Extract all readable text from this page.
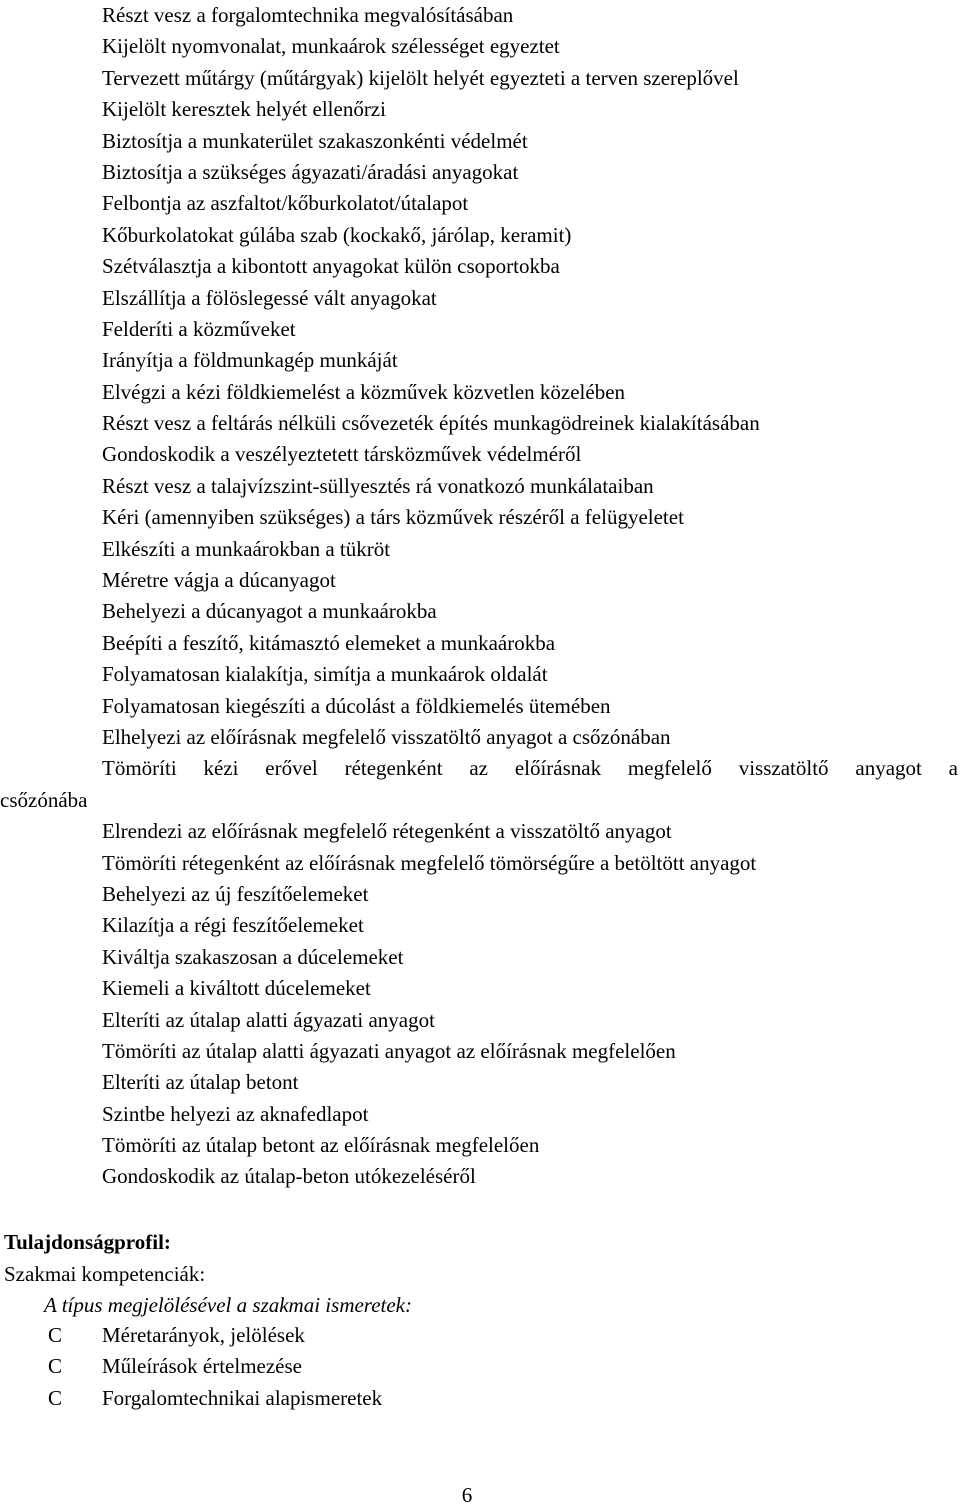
Részt vesz a forgalomtechnika megvalósításában
Kijelölt nyomvonalat, munkaárok szélességet egyeztet
Tervezett műtárgy (műtárgyak) kijelölt helyét egyezteti a terven szereplővel
Kijelölt keresztek helyét ellenőrzi
Biztosítja a munkaterület szakaszonkénti védelmét
Biztosítja a szükséges ágyazati/áradási anyagokat
Felbontja az aszfaltot/kőburkolatot/útalapot
Kőburkolatokat gúlába szab (kockakő, járólap, keramit)
Szétválasztja a kibontott anyagokat külön csoportokba
Elszállítja a fölöslegessé vált anyagokat
Felderíti a közműveket
Irányítja a földmunkagép munkáját
Elvégzi a kézi földkiemelést a közművek közvetlen közelében
Részt vesz a feltárás nélküli csővezeték építés munkagödreinek kialakításában
Gondoskodik a veszélyeztetett társközművek védelméről
Részt vesz a talajvízszint-süllyesztés rá vonatkozó munkálataiban
Kéri (amennyiben szükséges) a társ közművek részéről a felügyeletet
Elkészíti a munkaárokban a tükröt
Méretre vágja a dúcanyagot
Behelyezi a dúcanyagot a munkaárokba
Beépíti a feszítő, kitámasztó elemeket a munkaárokba
Folyamatosan kialakítja, simítja a munkaárok oldalát
Folyamatosan kiegészíti a dúcolást a földkiemelés ütemében
Elhelyezi az előírásnak megfelelő visszatöltő anyagot a csőzónában
Tömöríti kézi erővel rétegenként az előírásnak megfelelő visszatöltő anyagot a
csőzónába
Elrendezi az előírásnak megfelelő rétegenként a visszatöltő anyagot
Tömöríti rétegenként az előírásnak megfelelő tömörségűre a betöltött anyagot
Behelyezi az új feszítőelemeket
Kilazítja a régi feszítőelemeket
Kiváltja szakaszosan a dúcelemeket
Kiemeli a kiváltott dúcelemeket
Elteríti az útalap alatti ágyazati anyagot
Tömöríti az útalap alatti ágyazati anyagot az előírásnak megfelelően
Elteríti az útalap betont
Szintbe helyezi az aknafedlapot
Tömöríti az útalap betont az előírásnak megfelelően
Gondoskodik az útalap-beton utókezeléséről
Tulajdonságprofil:

Szakmai kompetenciák:

A típus megjelölésével a szakmai ismeretek:

C Méretarányok, jelölések
C Műleírások értelmezése
C Forgalomtechnikai alapismeretek
6
